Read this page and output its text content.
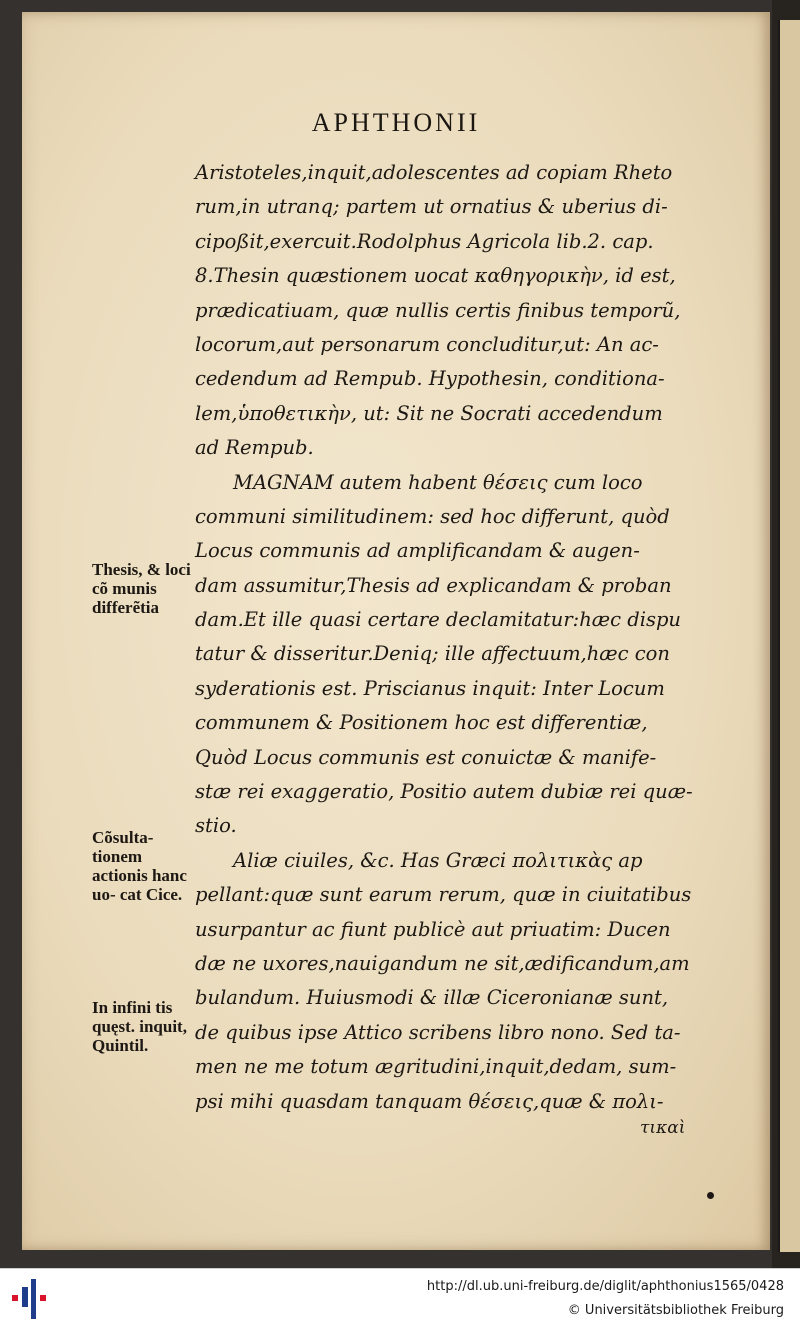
APHTHONII
Thesis, & loci cõ munis differẽtia
Cõsulta- tionem actionis hanc uo- cat Cice.
In infini tis quęst. inquit, Quintil.
Aristoteles,inquit,adolescentes ad copiam Rheto
rum,in utranq; partem ut ornatius & uberius di-
cipoßit,exercuit.Rodolphus Agricola lib.2. cap.
8.Thesin quæstionem uocat καθηγορικὴν, id est,
prædicatiuam, quæ nullis certis finibus temporũ,
locorum,aut personarum concluditur,ut: An ac-
cedendum ad Rempub. Hypothesin, conditiona-
lem,ὑποθετικὴν, ut: Sit ne Socrati accedendum
ad Rempub.
MAGNAM autem habent θέσεις cum loco
communi similitudinem: sed hoc differunt, quòd
Locus communis ad amplificandam & augen-
dam assumitur,Thesis ad explicandam & proban
dam.Et ille quasi certare declamitatur:hæc dispu
tatur & disseritur.Deniq; ille affectuum,hæc con
syderationis est. Priscianus inquit: Inter Locum
communem & Positionem hoc est differentiæ,
Quòd Locus communis est conuictæ & manife-
stæ rei exaggeratio, Positio autem dubiæ rei quæ-
stio.
Aliæ ciuiles, &c. Has Græci πολιτικὰς ap
pellant:quæ sunt earum rerum, quæ in ciuitatibus
usurpantur ac fiunt publicè aut priuatim: Ducen
dæ ne uxores,nauigandum ne sit,ædificandum,am
bulandum. Huiusmodi & illæ Ciceronianæ sunt,
de quibus ipse Attico scribens libro nono. Sed ta-
men ne me totum ægritudini,inquit,dedam, sum-
psi mihi quasdam tanquam θέσεις,quæ & πολι-
τικαὶ
http://dl.ub.uni-freiburg.de/diglit/aphthonius1565/0428
© Universitätsbibliothek Freiburg
